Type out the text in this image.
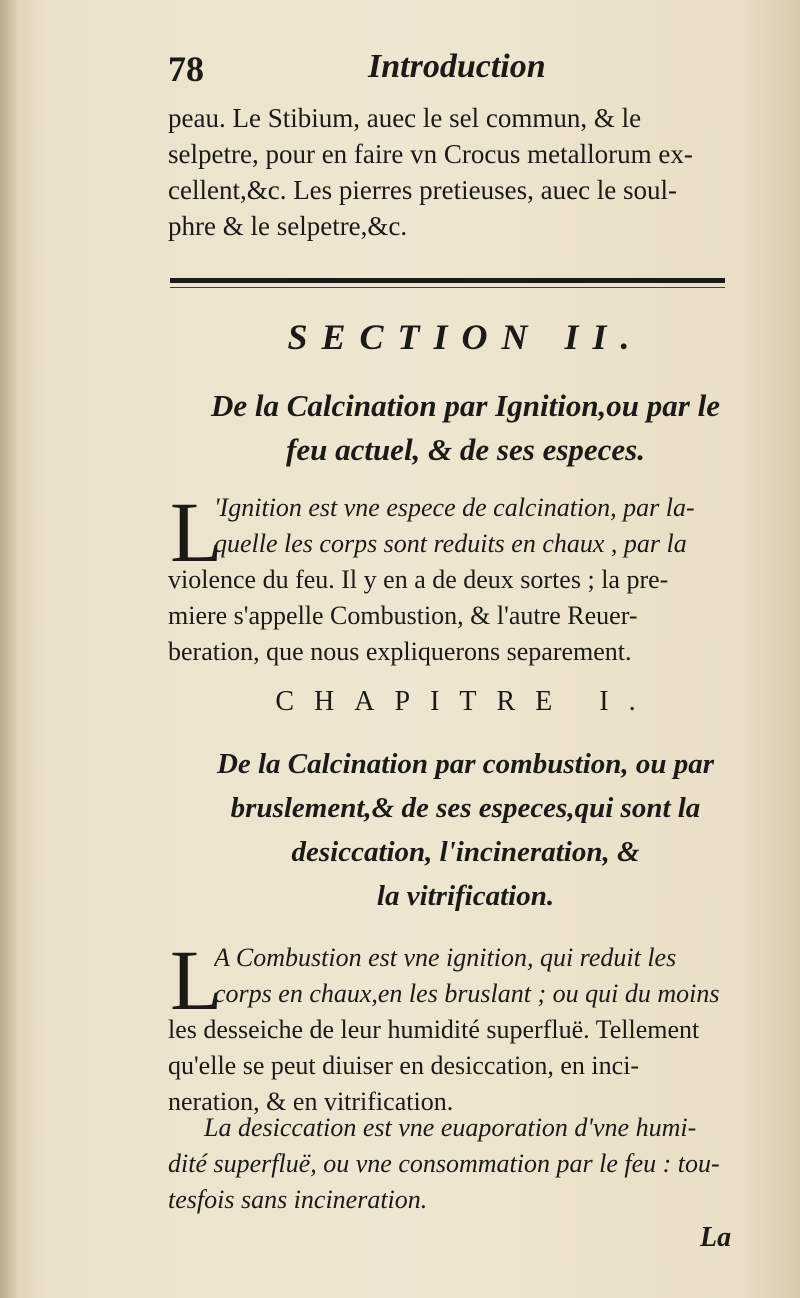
78	Introduction
peau. Le Stibium, auec le sel commun, & le
selpetre, pour en faire vn Crocus metallorum ex-
cellent,&c. Les pierres pretieuses, auec le soul-
phre & le selpetre,&c.
SECTION II.
De la Calcination par Ignition,ou par le
feu actuel, & de ses especes.
L
'Ignition est vne espece de calcination, par la-
quelle les corps sont reduits en chaux , par la
violence du feu. Il y en a de deux sortes ; la pre-
miere s'appelle Combustion, & l'autre Reuer-
beration, que nous expliquerons separement.
CHAPITRE I.
De la Calcination par combustion, ou par
bruslement,& de ses especes,qui sont la
desiccation, l'incineration, &
la vitrification.
L
A Combustion est vne ignition, qui reduit les
corps en chaux,en les bruslant ; ou qui du moins
les desseiche de leur humidité superfluë. Tellement
qu'elle se peut diuiser en desiccation, en inci-
neration, & en vitrification.
La desiccation est vne euaporation d'vne humi-
dité superfluë, ou vne consommation par le feu : tou-
tesfois sans incineration.
La
